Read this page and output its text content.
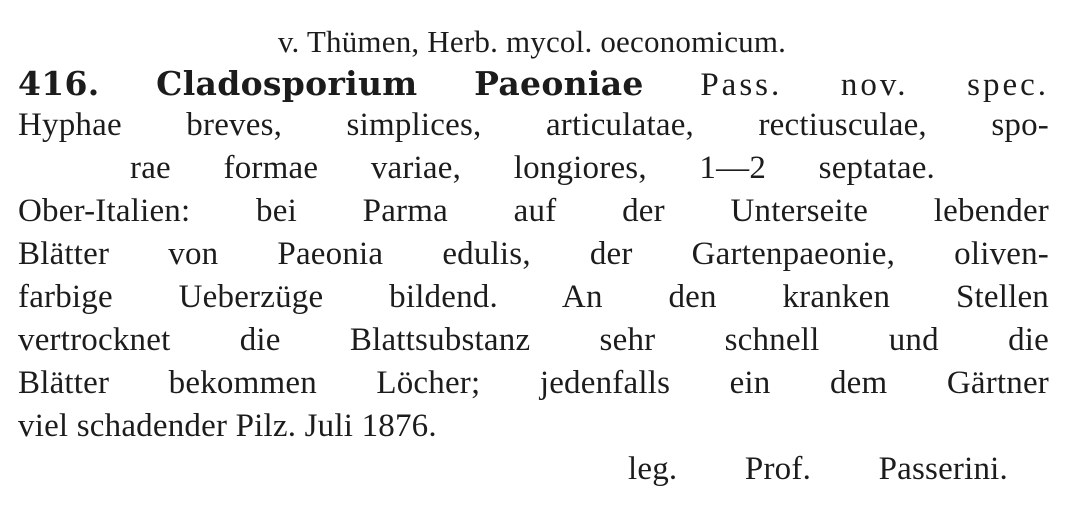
v. Thümen, Herb. mycol. oeconomicum.
416. Cladosporium Paeoniae Pass. nov. spec.
Hyphae breves, simplices, articulatae, rectiusculae, spo-
rae formae variae, longiores, 1—2 septatae.
Ober-Italien: bei Parma auf der Unterseite lebender
Blätter von Paeonia edulis, der Gartenpaeonie, oliven-
farbige Ueberzüge bildend. An den kranken Stellen
vertrocknet die Blattsubstanz sehr schnell und die
Blätter bekommen Löcher; jedenfalls ein dem Gärtner
viel schadender Pilz. Juli 1876.
leg. Prof. Passerini.
